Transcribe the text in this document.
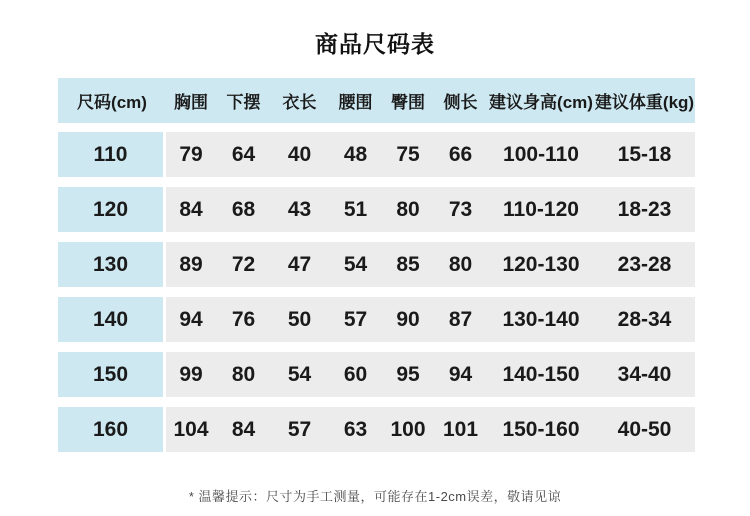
商品尺码表
尺码(cm)	胸围	下摆	衣长	腰围	臀围	侧长 建议身高(cm) 建议体重(kg)
110	79	64	40	48	75	66	100-110	15-18
120	84	68	43	51	80	73	110-120	18-23
130	89	72	47	54	85	80	120-130	23-28
140	94	76	50	57	90	87	130-140	28-34
150	99	80	54	60	95	94	140-150	34-40
160	104	84	57	63	100 101	150-160	40-50
* 温馨提示：尺寸为手工测量，可能存在1-2cm误差，敬请见谅
